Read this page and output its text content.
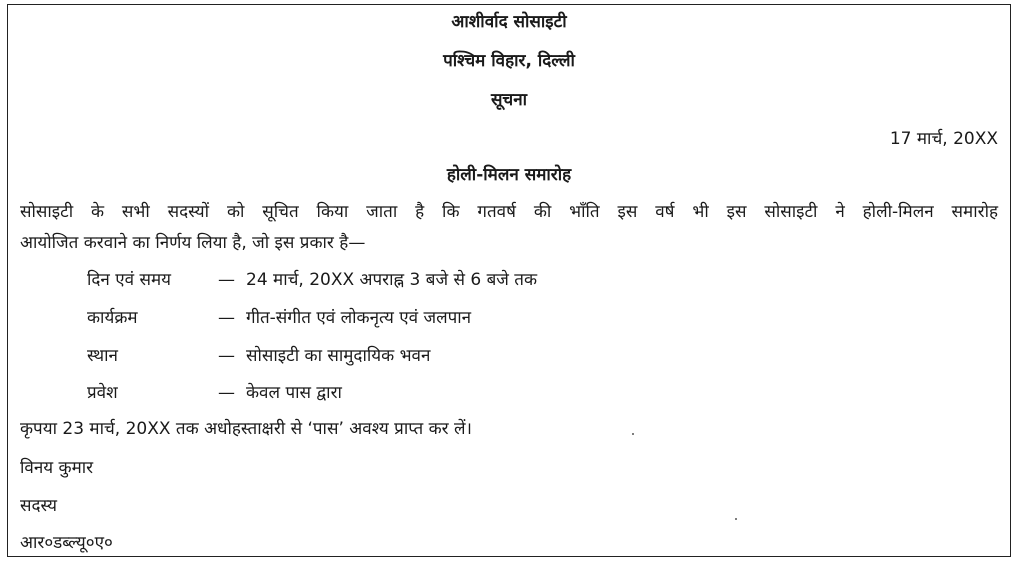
आशीर्वाद सोसाइटी
पश्चिम विहार, दिल्ली
सूचना
17 मार्च, 20XX
होली-मिलन समारोह
सोसाइटी के सभी सदस्यों को सूचित किया जाता है कि गतवर्ष की भाँति इस वर्ष भी इस सोसाइटी ने होली-मिलन समारोह
आयोजित करवाने का निर्णय लिया है, जो इस प्रकार है—
दिन एवं समय	— 24 मार्च, 20XX अपराह्न 3 बजे से 6 बजे तक
कार्यक्रम	— गीत-संगीत एवं लोकनृत्य एवं जलपान
स्थान	— सोसाइटी का सामुदायिक भवन
प्रवेश	— केवल पास द्वारा
कृपया 23 मार्च, 20XX तक अधोहस्ताक्षरी से ‘पास’ अवश्य प्राप्त कर लें।
विनय कुमार
सदस्य
आर०डब्ल्यू०ए०
